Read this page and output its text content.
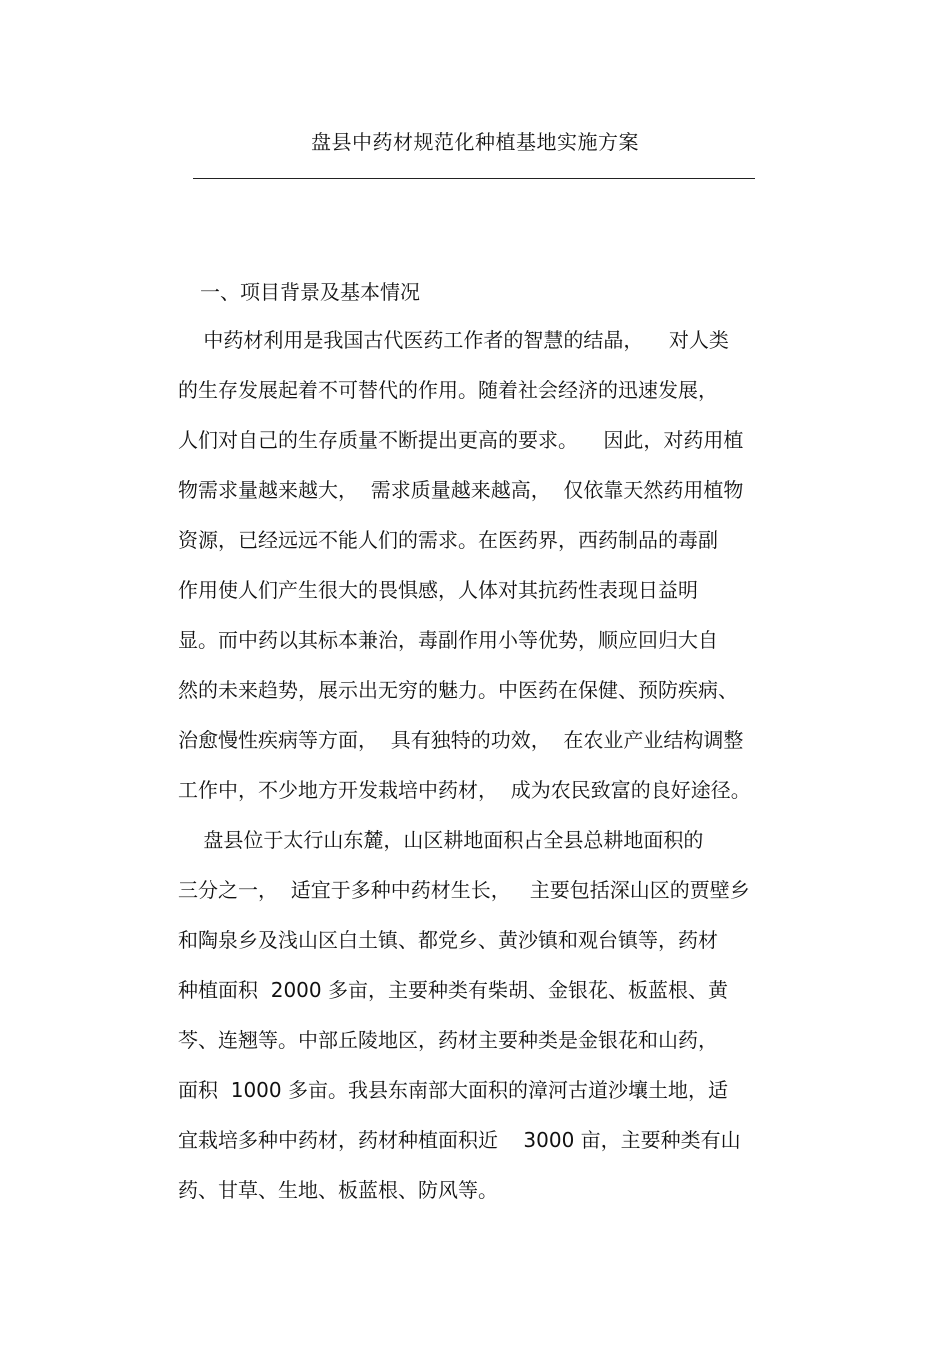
盘县中药材规范化种植基地实施方案
一、项目背景及基本情况
中药材利用是我国古代医药工作者的智慧的结晶，    对人类
的生存发展起着不可替代的作用。随着社会经济的迅速发展，
人们对自己的生存质量不断提出更高的要求。    因此，对药用植
物需求量越来越大，  需求质量越来越高，  仅依靠天然药用植物
资源，已经远远不能人们的需求。在医药界，西药制品的毒副
作用使人们产生很大的畏惧感，人体对其抗药性表现日益明
显。而中药以其标本兼治，毒副作用小等优势，顺应回归大自
然的未来趋势，展示出无穷的魅力。中医药在保健、预防疾病、
治愈慢性疾病等方面，  具有独特的功效，  在农业产业结构调整
工作中，不少地方开发栽培中药材，  成为农民致富的良好途径。
盘县位于太行山东麓，山区耕地面积占全县总耕地面积的
三分之一，  适宜于多种中药材生长，   主要包括深山区的贾壁乡
和陶泉乡及浅山区白土镇、都党乡、黄沙镇和观台镇等，药材
种植面积  2000 多亩，主要种类有柴胡、金银花、板蓝根、黄
芩、连翘等。中部丘陵地区，药材主要种类是金银花和山药，
面积  1000 多亩。我县东南部大面积的漳河古道沙壤土地，适
宜栽培多种中药材，药材种植面积近    3000 亩，主要种类有山
药、甘草、生地、板蓝根、防风等。
